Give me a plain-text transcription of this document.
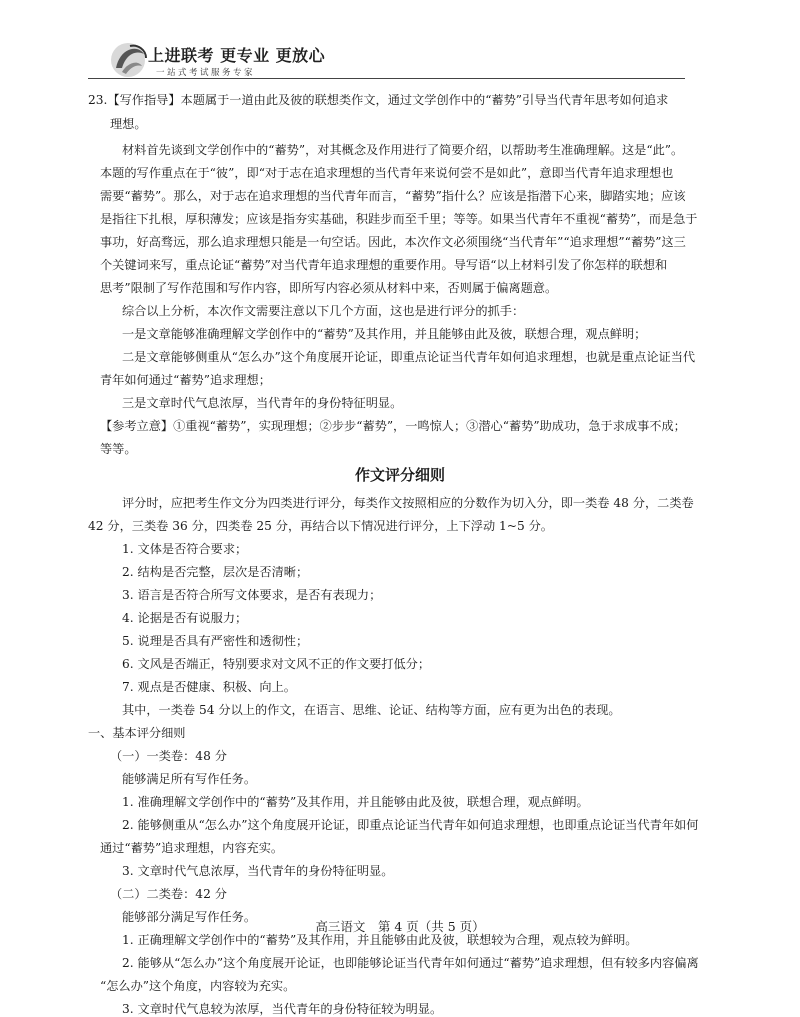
上进联考 更专业 更放心
一站式考试服务专家
23.【写作指导】本题属于一道由此及彼的联想类作文，通过文学创作中的“蓄势”引导当代青年思考如何追求
理想。
材料首先谈到文学创作中的“蓄势”，对其概念及作用进行了简要介绍，以帮助考生准确理解。这是“此”。
本题的写作重点在于“彼”，即“对于志在追求理想的当代青年来说何尝不是如此”，意即当代青年追求理想也
需要“蓄势”。那么，对于志在追求理想的当代青年而言，“蓄势”指什么？应该是指潜下心来，脚踏实地；应该
是指往下扎根，厚积薄发；应该是指夯实基础，积跬步而至千里；等等。如果当代青年不重视“蓄势”，而是急于
事功，好高骛远，那么追求理想只能是一句空话。因此，本次作文必须围绕“当代青年”“追求理想”“蓄势”这三
个关键词来写，重点论证“蓄势”对当代青年追求理想的重要作用。导写语“以上材料引发了你怎样的联想和
思考”限制了写作范围和写作内容，即所写内容必须从材料中来，否则属于偏离题意。
综合以上分析，本次作文需要注意以下几个方面，这也是进行评分的抓手：
一是文章能够准确理解文学创作中的“蓄势”及其作用，并且能够由此及彼，联想合理，观点鲜明；
二是文章能够侧重从“怎么办”这个角度展开论证，即重点论证当代青年如何追求理想，也就是重点论证当代
青年如何通过“蓄势”追求理想；
三是文章时代气息浓厚，当代青年的身份特征明显。
【参考立意】①重视“蓄势”，实现理想；②步步“蓄势”，一鸣惊人；③潜心“蓄势”助成功，急于求成事不成；
等等。
作文评分细则
评分时，应把考生作文分为四类进行评分，每类作文按照相应的分数作为切入分，即一类卷 48 分，二类卷
42 分，三类卷 36 分，四类卷 25 分，再结合以下情况进行评分，上下浮动 1~5 分。
1. 文体是否符合要求；
2. 结构是否完整，层次是否清晰；
3. 语言是否符合所写文体要求，是否有表现力；
4. 论据是否有说服力；
5. 说理是否具有严密性和透彻性；
6. 文风是否端正，特别要求对文风不正的作文要打低分；
7. 观点是否健康、积极、向上。
其中，一类卷 54 分以上的作文，在语言、思维、论证、结构等方面，应有更为出色的表现。
一、基本评分细则
（一）一类卷：48 分
能够满足所有写作任务。
1. 准确理解文学创作中的“蓄势”及其作用，并且能够由此及彼，联想合理，观点鲜明。
2. 能够侧重从“怎么办”这个角度展开论证，即重点论证当代青年如何追求理想，也即重点论证当代青年如何
通过“蓄势”追求理想，内容充实。
3. 文章时代气息浓厚，当代青年的身份特征明显。
（二）二类卷：42 分
能够部分满足写作任务。
1. 正确理解文学创作中的“蓄势”及其作用，并且能够由此及彼，联想较为合理，观点较为鲜明。
2. 能够从“怎么办”这个角度展开论证，也即能够论证当代青年如何通过“蓄势”追求理想，但有较多内容偏离
“怎么办”这个角度，内容较为充实。
3. 文章时代气息较为浓厚，当代青年的身份特征较为明显。
高三语文　第 4 页（共 5 页）
